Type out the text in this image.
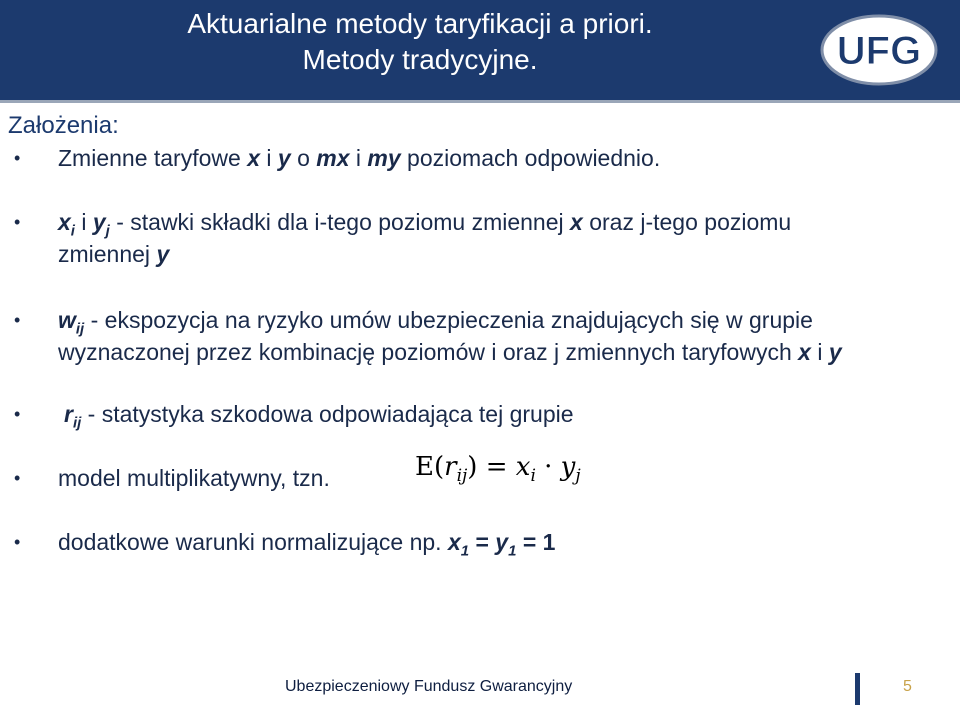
Aktuarialne metody taryfikacji a priori.
Metody tradycyjne.	UFG
Założenia:
• Zmienne taryfowe x i y o mx i my poziomach odpowiednio.
• $x_i$ i $y_j$ - stawki składki dla i-tego poziomu zmiennej x oraz j-tego poziomu
zmiennej y
• $w_{ij}$ - ekspozycja na ryzyko umów ubezpieczenia znajdujących się w grupie
wyznaczonej przez kombinację poziomów i oraz j zmiennych taryfowych x i y
• $r_{ij}$ - statystyka szkodowa odpowiadająca tej grupie
• model multiplikatywny, tzn.	$E(r_{ij}) = x_i \cdot y_j$
• dodatkowe warunki normalizujące np. $x_1 = y_1 = 1$
Ubezpieczeniowy Fundusz Gwarancyjny	5
